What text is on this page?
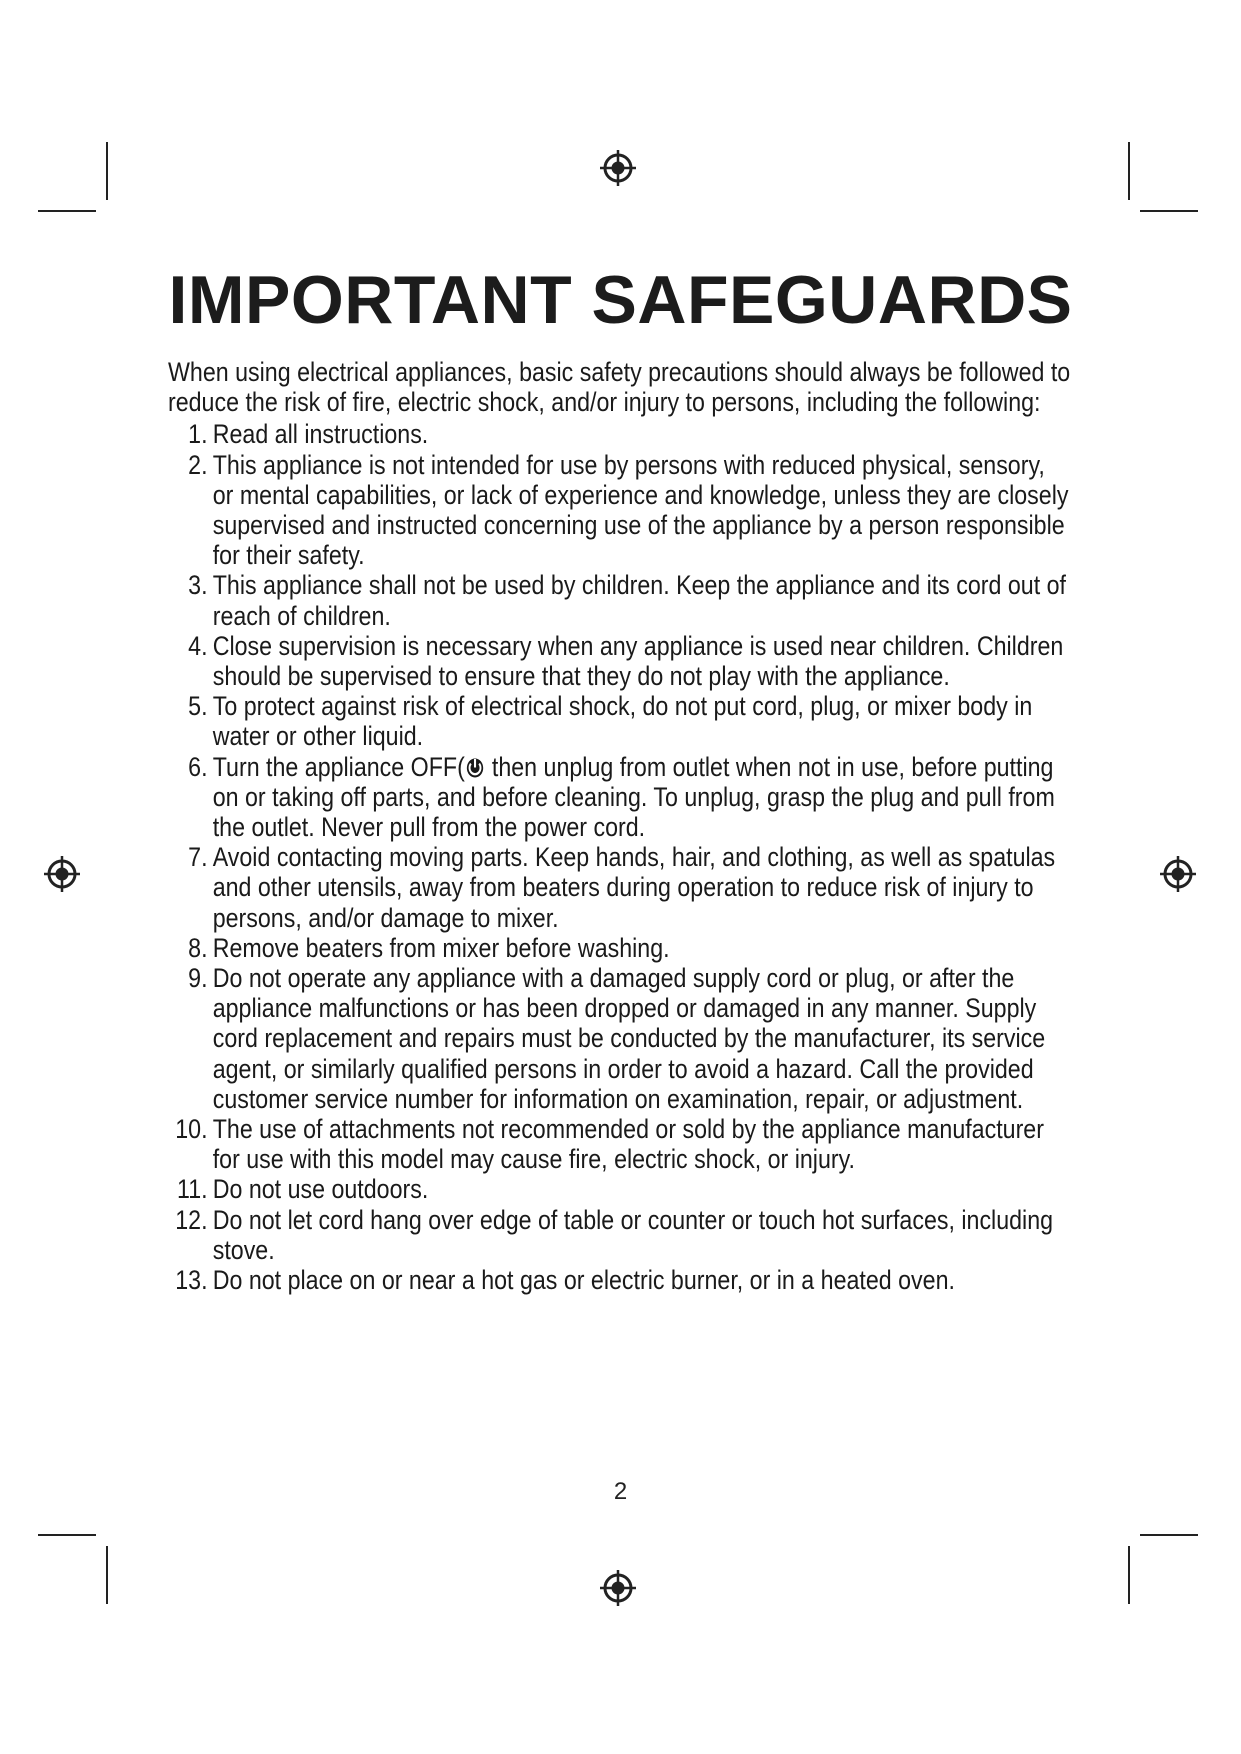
IMPORTANT SAFEGUARDS

When using electrical appliances, basic safety precautions should always be followed to reduce the risk of fire, electric shock, and/or injury to persons, including the following:

1. Read all instructions.
2. This appliance is not intended for use by persons with reduced physical, sensory, or mental capabilities, or lack of experience and knowledge, unless they are closely supervised and instructed concerning use of the appliance by a person responsible for their safety.
3. This appliance shall not be used by children. Keep the appliance and its cord out of reach of children.
4. Close supervision is necessary when any appliance is used near children. Children should be supervised to ensure that they do not play with the appliance.
5. To protect against risk of electrical shock, do not put cord, plug, or mixer body in water or other liquid.
6. Turn the appliance OFF( then unplug from outlet when not in use, before putting on or taking off parts, and before cleaning. To unplug, grasp the plug and pull from the outlet. Never pull from the power cord.
7. Avoid contacting moving parts. Keep hands, hair, and clothing, as well as spatulas and other utensils, away from beaters during operation to reduce risk of injury to persons, and/or damage to mixer.
8. Remove beaters from mixer before washing.
9. Do not operate any appliance with a damaged supply cord or plug, or after the appliance malfunctions or has been dropped or damaged in any manner. Supply cord replacement and repairs must be conducted by the manufacturer, its service agent, or similarly qualified persons in order to avoid a hazard. Call the provided customer service number for information on examination, repair, or adjustment.
10. The use of attachments not recommended or sold by the appliance manufacturer for use with this model may cause fire, electric shock, or injury.
11. Do not use outdoors.
12. Do not let cord hang over edge of table or counter or touch hot surfaces, including stove.
13. Do not place on or near a hot gas or electric burner, or in a heated oven.
2
